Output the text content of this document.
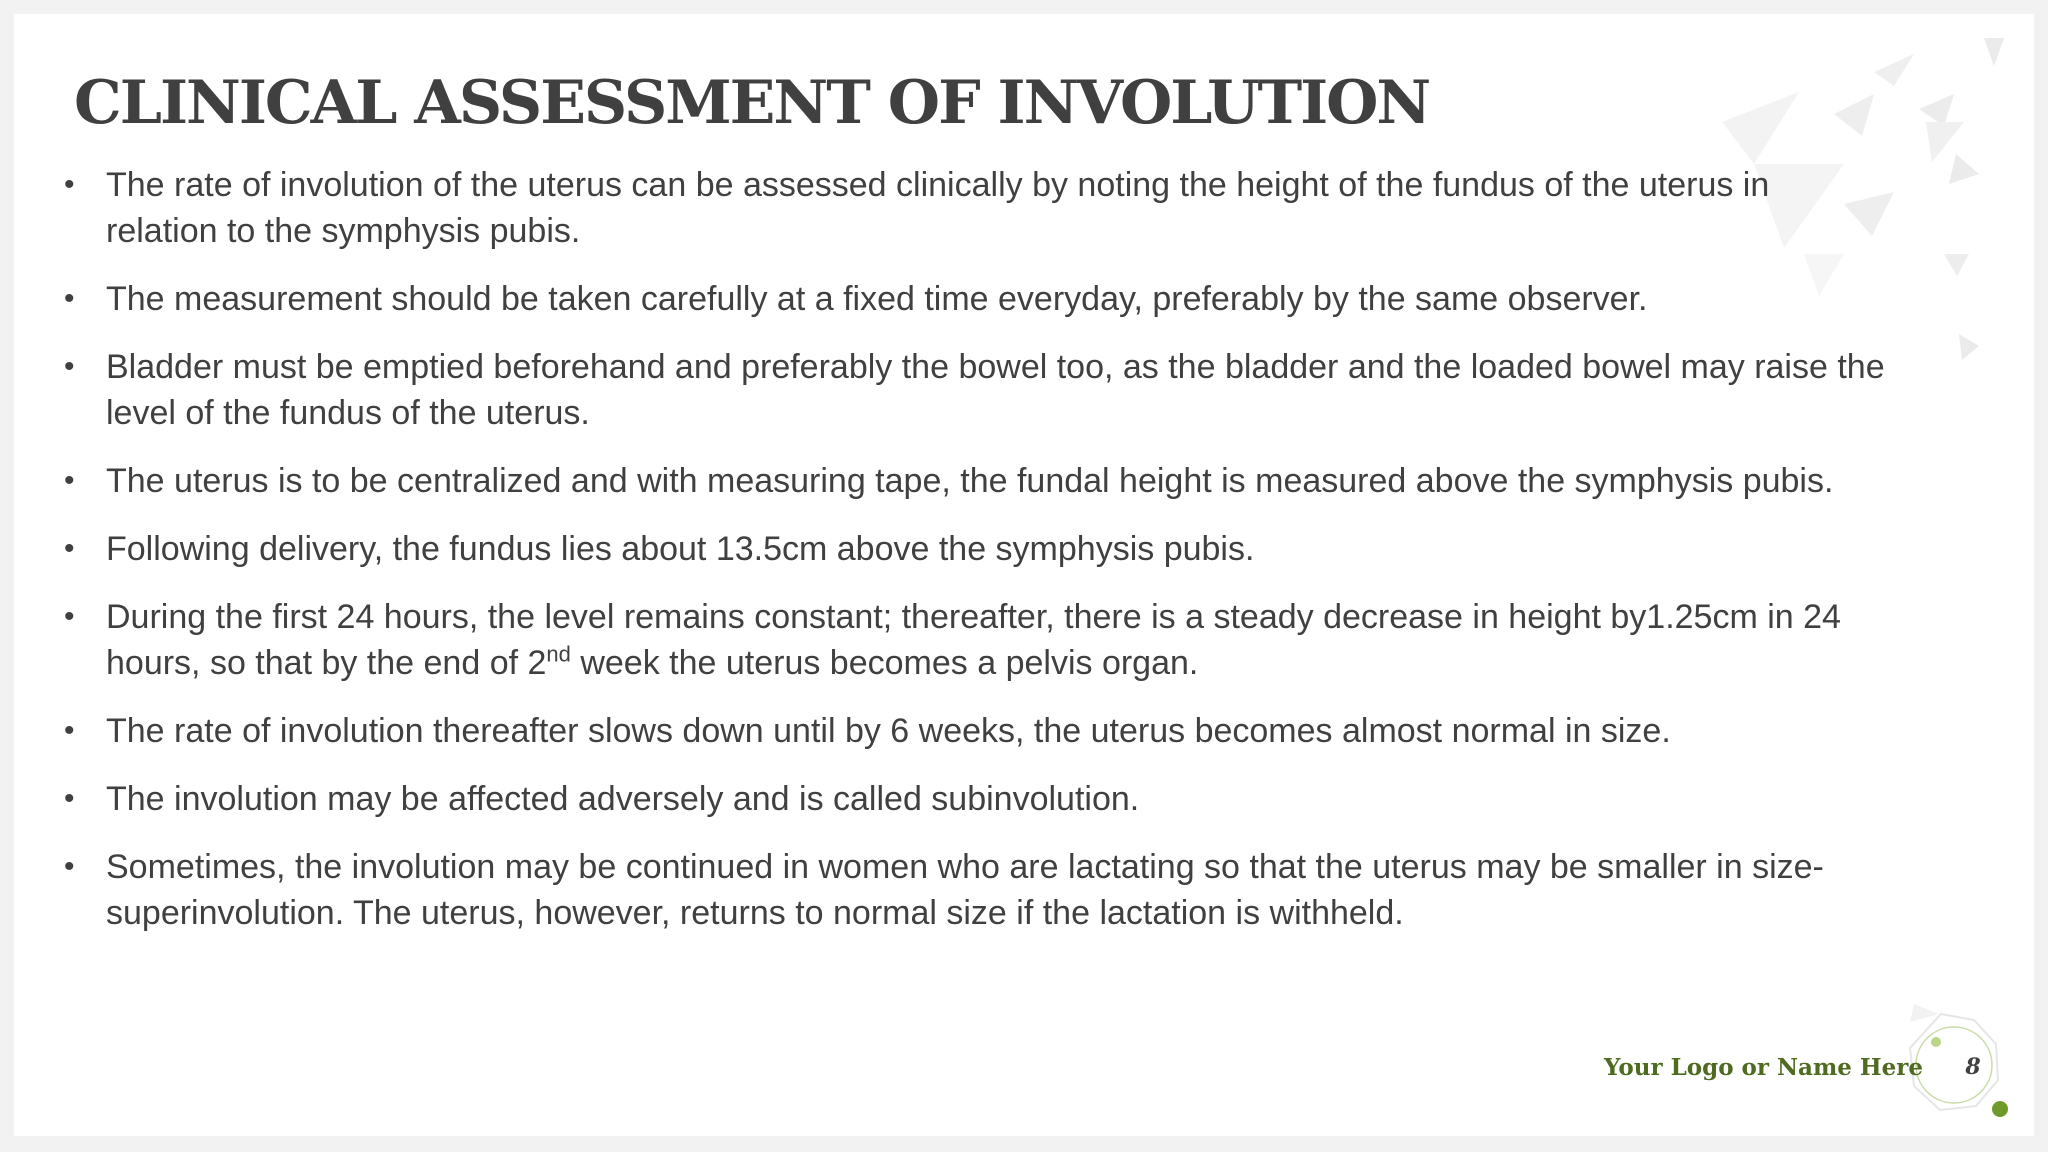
CLINICAL ASSESSMENT OF INVOLUTION
• The rate of involution of the uterus can be assessed clinically by noting the height of the fundus of the uterus in relation to the symphysis pubis.
• The measurement should be taken carefully at a fixed time everyday, preferably by the same observer.
• Bladder must be emptied beforehand and preferably the bowel too, as the bladder and the loaded bowel may raise the level of the fundus of the uterus.
• The uterus is to be centralized and with measuring tape, the fundal height is measured above the symphysis pubis.
• Following delivery, the fundus lies about 13.5cm above the symphysis pubis.
• During the first 24 hours, the level remains constant; thereafter, there is a steady decrease in height by1.25cm in 24 hours, so that by the end of 2nd week the uterus becomes a pelvis organ.
• The rate of involution thereafter slows down until by 6 weeks, the uterus becomes almost normal in size.
• The involution may be affected adversely and is called subinvolution.
• Sometimes, the involution may be continued in women who are lactating so that the uterus may be smaller in size- superinvolution. The uterus, however, returns to normal size if the lactation is withheld.
Your Logo or Name Here	8
